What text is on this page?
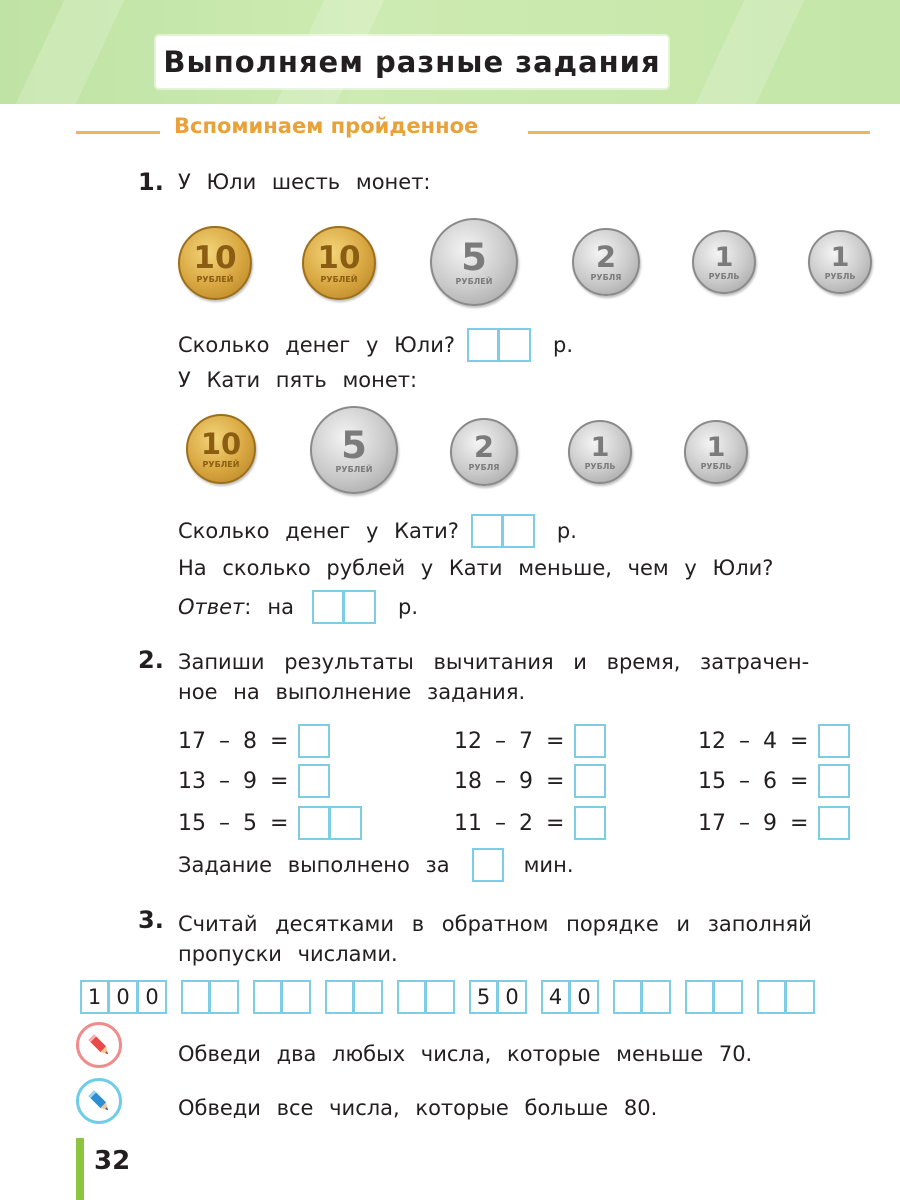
Выполняем разные задания
Вспоминаем пройденное
1. У Юли шесть монет:
10
РУБЛЕЙ
10
РУБЛЕЙ
5
РУБЛЕЙ
2
РУБЛЯ
1
РУБЛЬ
1
РУБЛЬ
Сколько денег у Юли?	р.
У Кати пять монет:
10
РУБЛЕЙ	5
РУБЛЕЙ
2
РУБЛЯ
1
РУБЛЬ
1
РУБЛЬ
Сколько денег у Кати?	р.
На сколько рублей у Кати меньше, чем у Юли?
Ответ : на	р.
2. Запиши результаты вычитания и время, затрачен-
ное на выполнение задания.
17 – 8 =	12 – 7 =	12 – 4 =
13 – 9 =	18 – 9 =	15 – 6 =
15 – 5 =	11 – 2 =	17 – 9 =
Задание выполнено за	мин.
3. Считай десятками в обратном порядке и заполняй
пропуски числами.
1 0 0	5 0	4 0
Обведи два любых числа, которые меньше 70.
Обведи все числа, которые больше 80.
32
